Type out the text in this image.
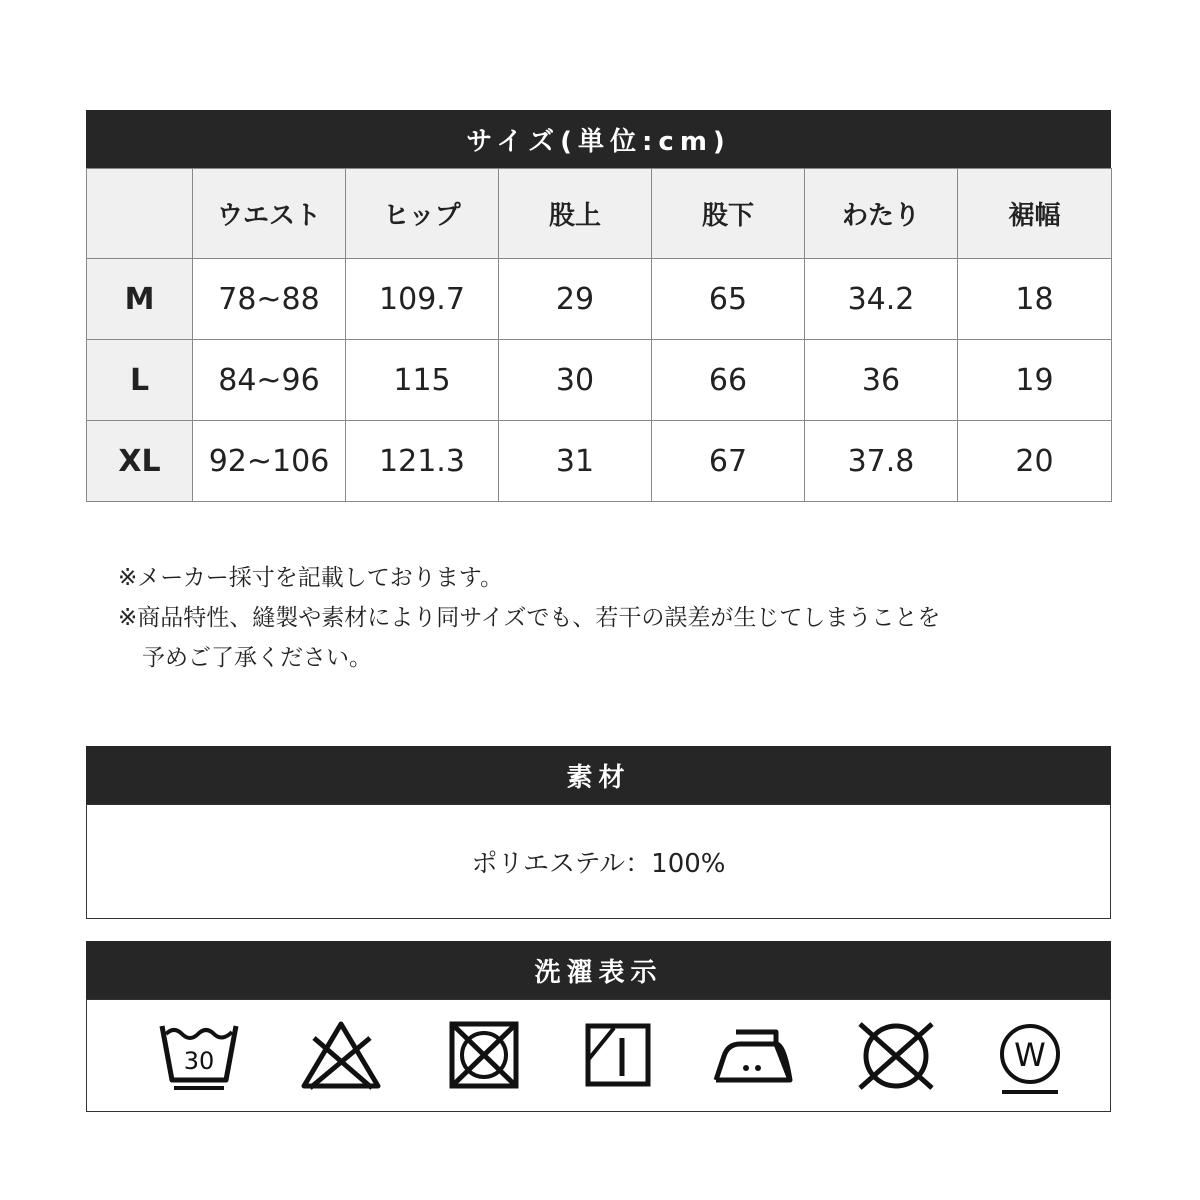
サイズ(単位:cm)
	ウエスト	ヒップ	股上	股下	わたり	裾幅
M	78~88	109.7	29	65	34.2	18
L	84~96	115	30	66	36	19
XL	92~106	121.3	31	67	37.8	20
※メーカー採寸を記載しております。
※商品特性、縫製や素材により同サイズでも、若干の誤差が生じてしまうことを
予めご了承ください。
素材
ポリエステル：100%
洗濯表示
30	W
